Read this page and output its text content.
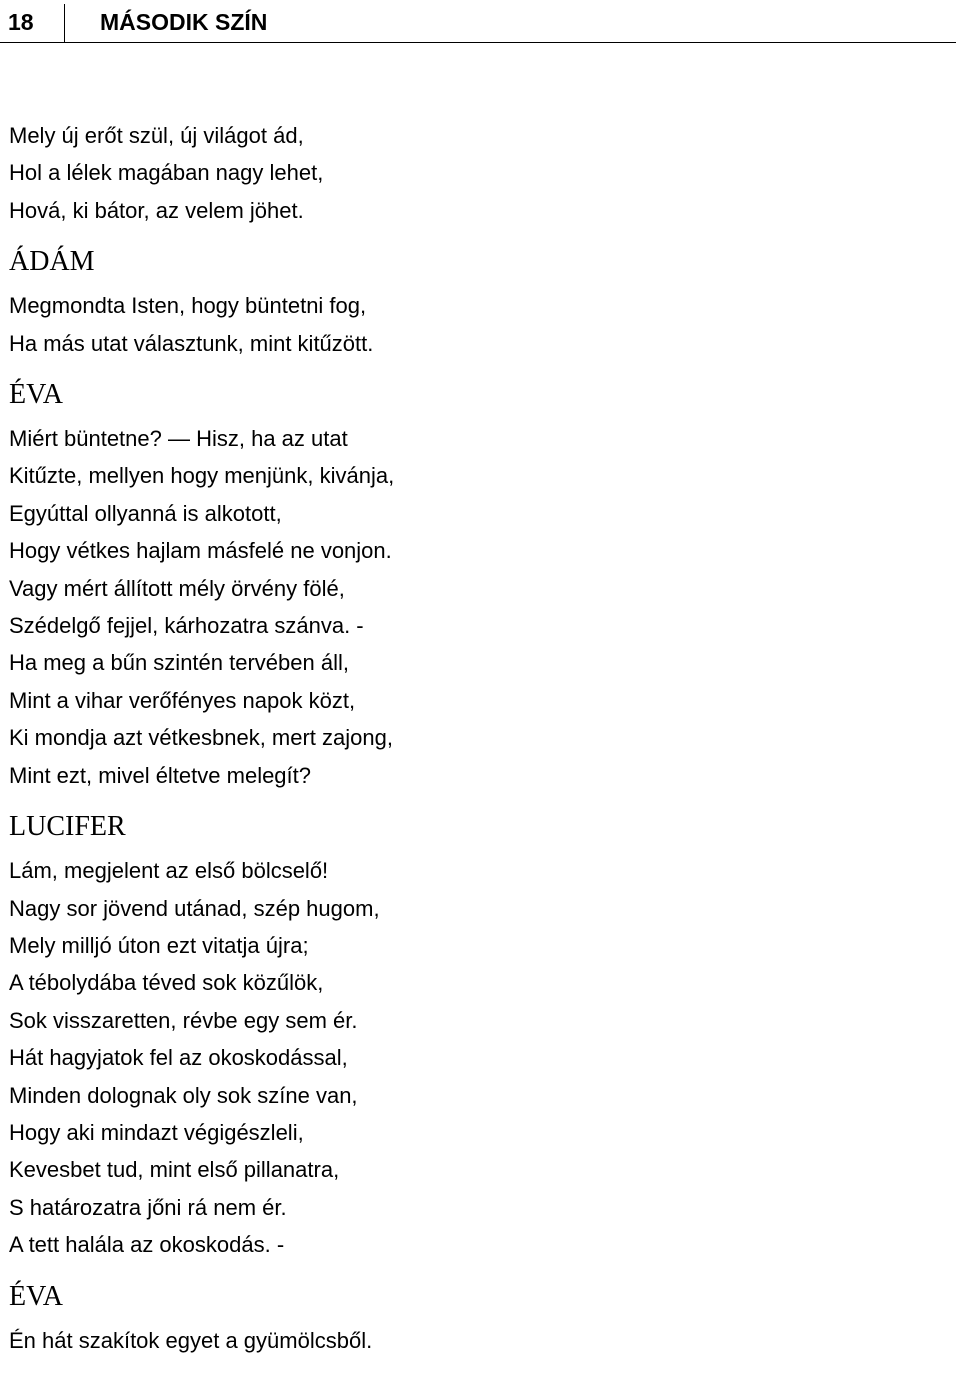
18	MÁSODIK SZÍN
Mely új erőt szül, új világot ád,
Hol a lélek magában nagy lehet,
Hová, ki bátor, az velem jöhet.
ÁDÁM
Megmondta Isten, hogy büntetni fog,
Ha más utat választunk, mint kitűzött.
ÉVA
Miért büntetne? — Hisz, ha az utat
Kitűzte, mellyen hogy menjünk, kivánja,
Egyúttal ollyanná is alkotott,
Hogy vétkes hajlam másfelé ne vonjon.
Vagy mért állított mély örvény fölé,
Szédelgő fejjel, kárhozatra szánva. -
Ha meg a bűn szintén tervében áll,
Mint a vihar verőfényes napok közt,
Ki mondja azt vétkesbnek, mert zajong,
Mint ezt, mivel éltetve melegít?
LUCIFER
Lám, megjelent az első bölcselő!
Nagy sor jövend utánad, szép hugom,
Mely milljó úton ezt vitatja újra;
A tébolydába téved sok közűlök,
Sok visszaretten, révbe egy sem ér.
Hát hagyjatok fel az okoskodással,
Minden dolognak oly sok színe van,
Hogy aki mindazt végigészleli,
Kevesbet tud, mint első pillanatra,
S határozatra jőni rá nem ér.
A tett halála az okoskodás. -
ÉVA
Én hát szakítok egyet a gyümölcsből.
